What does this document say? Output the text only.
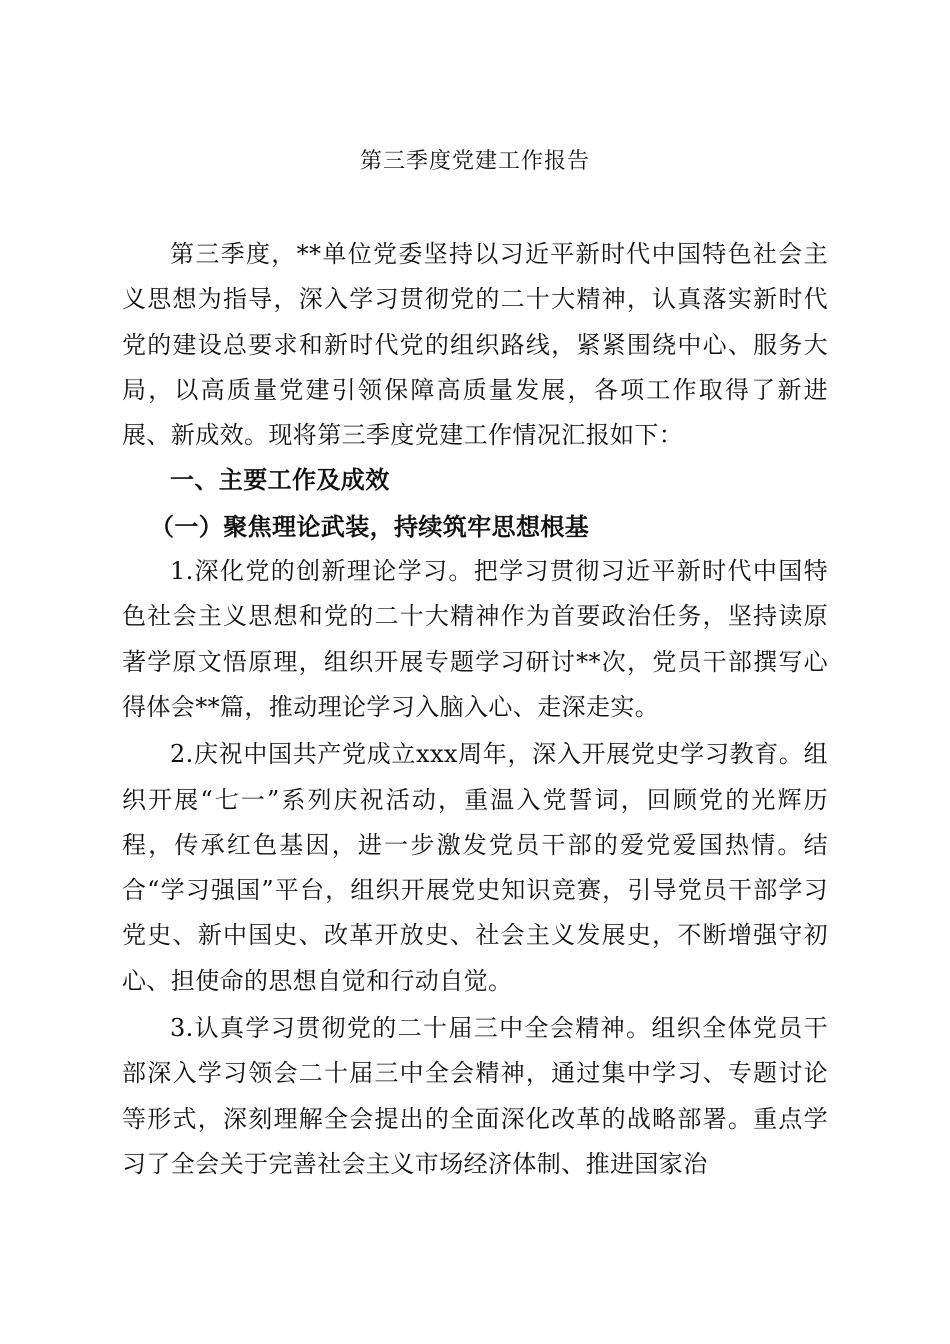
第三季度党建工作报告

第三季度，**单位党委坚持以习近平新时代中国特色社会主义思想为指导，深入学习贯彻党的二十大精神，认真落实新时代党的建设总要求和新时代党的组织路线，紧紧围绕中心、服务大局，以高质量党建引领保障高质量发展，各项工作取得了新进展、新成效。现将第三季度党建工作情况汇报如下：

一、主要工作及成效

（一）聚焦理论武装，持续筑牢思想根基

1.深化党的创新理论学习。把学习贯彻习近平新时代中国特色社会主义思想和党的二十大精神作为首要政治任务，坚持读原著学原文悟原理，组织开展专题学习研讨**次，党员干部撰写心得体会**篇，推动理论学习入脑入心、走深走实。

2.庆祝中国共产党成立xxx周年，深入开展党史学习教育。组织开展“七一”系列庆祝活动，重温入党誓词，回顾党的光辉历程，传承红色基因，进一步激发党员干部的爱党爱国热情。结合“学习强国”平台，组织开展党史知识竞赛，引导党员干部学习党史、新中国史、改革开放史、社会主义发展史，不断增强守初心、担使命的思想自觉和行动自觉。

3.认真学习贯彻党的二十届三中全会精神。组织全体党员干部深入学习领会二十届三中全会精神，通过集中学习、专题讨论等形式，深刻理解全会提出的全面深化改革的战略部署。重点学习了全会关于完善社会主义市场经济体制、推进国家治
